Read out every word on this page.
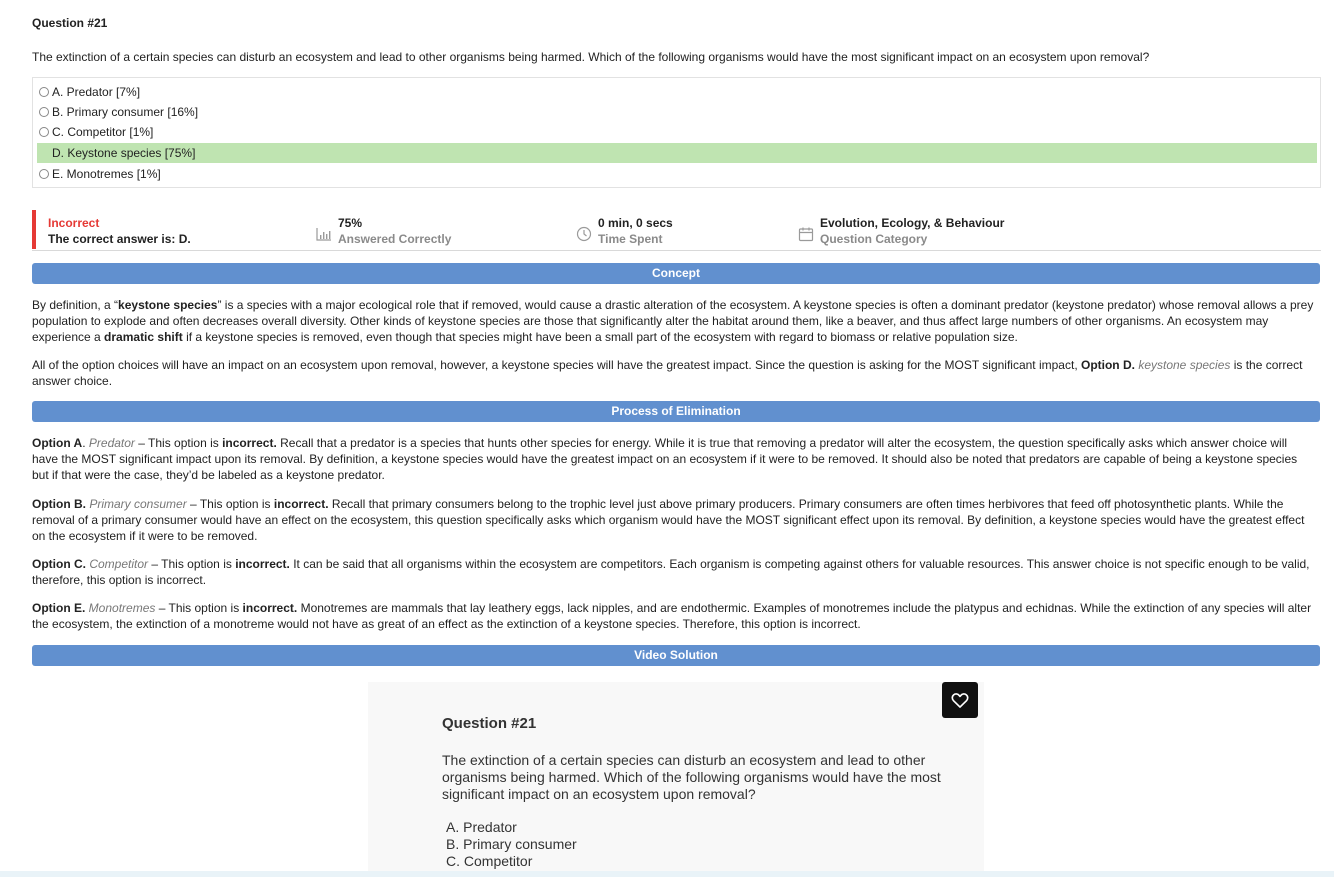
Question #21
The extinction of a certain species can disturb an ecosystem and lead to other organisms being harmed. Which of the following organisms would have the most significant impact on an ecosystem upon removal?
A. Predator [7%]
B. Primary consumer [16%]
C. Competitor [1%]
D. Keystone species [75%]
E. Monotremes [1%]
Incorrect
The correct answer is: D.
75%
Answered Correctly
0 min, 0 secs
Time Spent
Evolution, Ecology, & Behaviour
Question Category
Concept
By definition, a “keystone species” is a species with a major ecological role that if removed, would cause a drastic alteration of the ecosystem. A keystone species is often a dominant predator (keystone predator) whose removal allows a prey population to explode and often decreases overall diversity. Other kinds of keystone species are those that significantly alter the habitat around them, like a beaver, and thus affect large numbers of other organisms. An ecosystem may experience a dramatic shift if a keystone species is removed, even though that species might have been a small part of the ecosystem with regard to biomass or relative population size.
All of the option choices will have an impact on an ecosystem upon removal, however, a keystone species will have the greatest impact. Since the question is asking for the MOST significant impact, Option D. keystone species is the correct answer choice.
Process of Elimination
Option A. Predator – This option is incorrect. Recall that a predator is a species that hunts other species for energy. While it is true that removing a predator will alter the ecosystem, the question specifically asks which answer choice will have the MOST significant impact upon its removal. By definition, a keystone species would have the greatest impact on an ecosystem if it were to be removed. It should also be noted that predators are capable of being a keystone species but if that were the case, they’d be labeled as a keystone predator.
Option B. Primary consumer – This option is incorrect. Recall that primary consumers belong to the trophic level just above primary producers. Primary consumers are often times herbivores that feed off photosynthetic plants. While the removal of a primary consumer would have an effect on the ecosystem, this question specifically asks which organism would have the MOST significant effect upon its removal. By definition, a keystone species would have the greatest effect on the ecosystem if it were to be removed.
Option C. Competitor – This option is incorrect. It can be said that all organisms within the ecosystem are competitors. Each organism is competing against others for valuable resources. This answer choice is not specific enough to be valid, therefore, this option is incorrect.
Option E. Monotremes – This option is incorrect. Monotremes are mammals that lay leathery eggs, lack nipples, and are endothermic. Examples of monotremes include the platypus and echidnas. While the extinction of any species will alter the ecosystem, the extinction of a monotreme would not have as great of an effect as the extinction of a keystone species. Therefore, this option is incorrect.
Video Solution
Question #21
The extinction of a certain species can disturb an ecosystem and lead to other organisms being harmed. Which of the following organisms would have the most significant impact on an ecosystem upon removal?
A. Predator
B. Primary consumer
C. Competitor
